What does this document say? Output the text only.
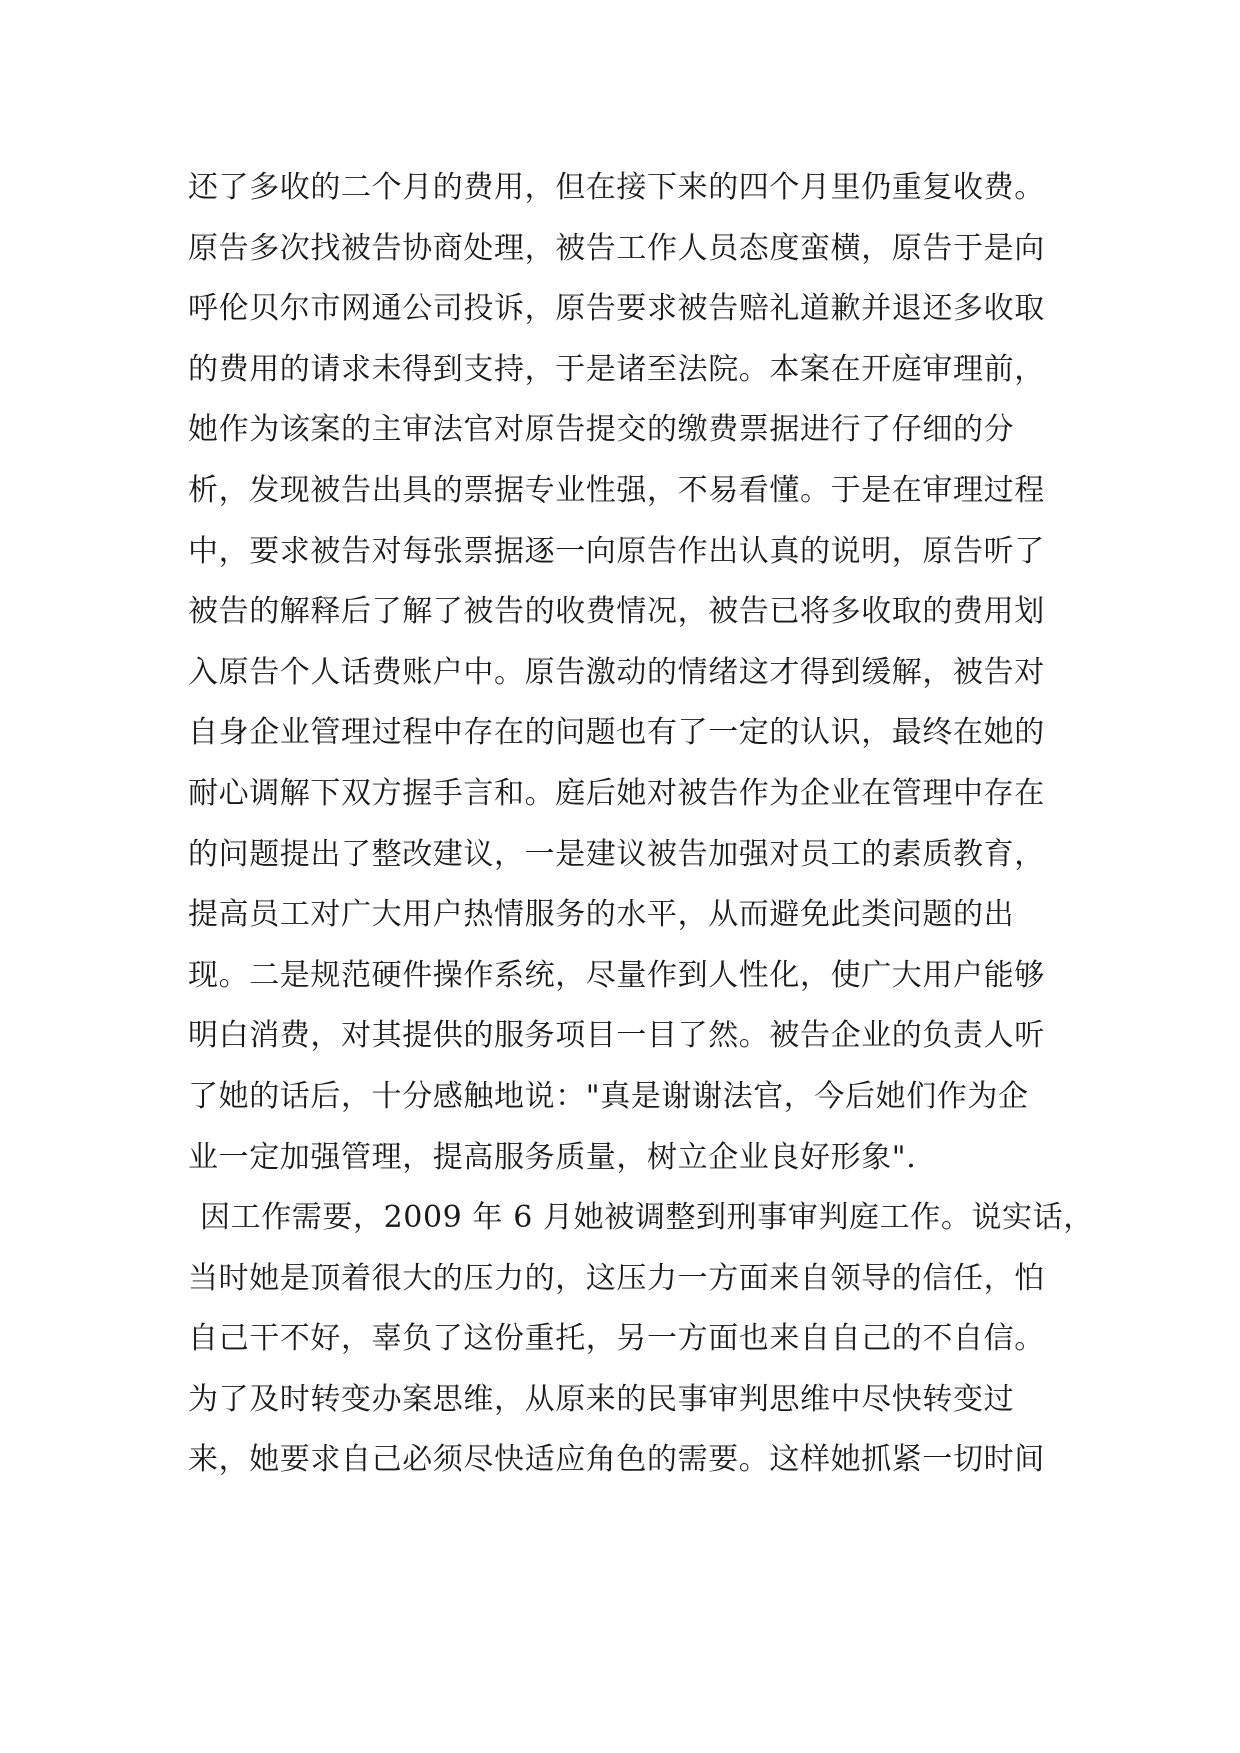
还了多收的二个月的费用，但在接下来的四个月里仍重复收费。
原告多次找被告协商处理，被告工作人员态度蛮横，原告于是向
呼伦贝尔市网通公司投诉，原告要求被告赔礼道歉并退还多收取
的费用的请求未得到支持，于是诸至法院。本案在开庭审理前，
她作为该案的主审法官对原告提交的缴费票据进行了仔细的分
析，发现被告出具的票据专业性强，不易看懂。于是在审理过程
中，要求被告对每张票据逐一向原告作出认真的说明，原告听了
被告的解释后了解了被告的收费情况，被告已将多收取的费用划
入原告个人话费账户中。原告激动的情绪这才得到缓解，被告对
自身企业管理过程中存在的问题也有了一定的认识，最终在她的
耐心调解下双方握手言和。庭后她对被告作为企业在管理中存在
的问题提出了整改建议，一是建议被告加强对员工的素质教育，
提高员工对广大用户热情服务的水平，从而避免此类问题的出
现。二是规范硬件操作系统，尽量作到人性化，使广大用户能够
明白消费，对其提供的服务项目一目了然。被告企业的负责人听
了她的话后，十分感触地说："真是谢谢法官，今后她们作为企
业一定加强管理，提高服务质量，树立企业良好形象".
因工作需要，2009 年 6 月她被调整到刑事审判庭工作。说实话，
当时她是顶着很大的压力的，这压力一方面来自领导的信任，怕
自己干不好，辜负了这份重托，另一方面也来自自己的不自信。
为了及时转变办案思维，从原来的民事审判思维中尽快转变过
来，她要求自己必须尽快适应角色的需要。这样她抓紧一切时间
